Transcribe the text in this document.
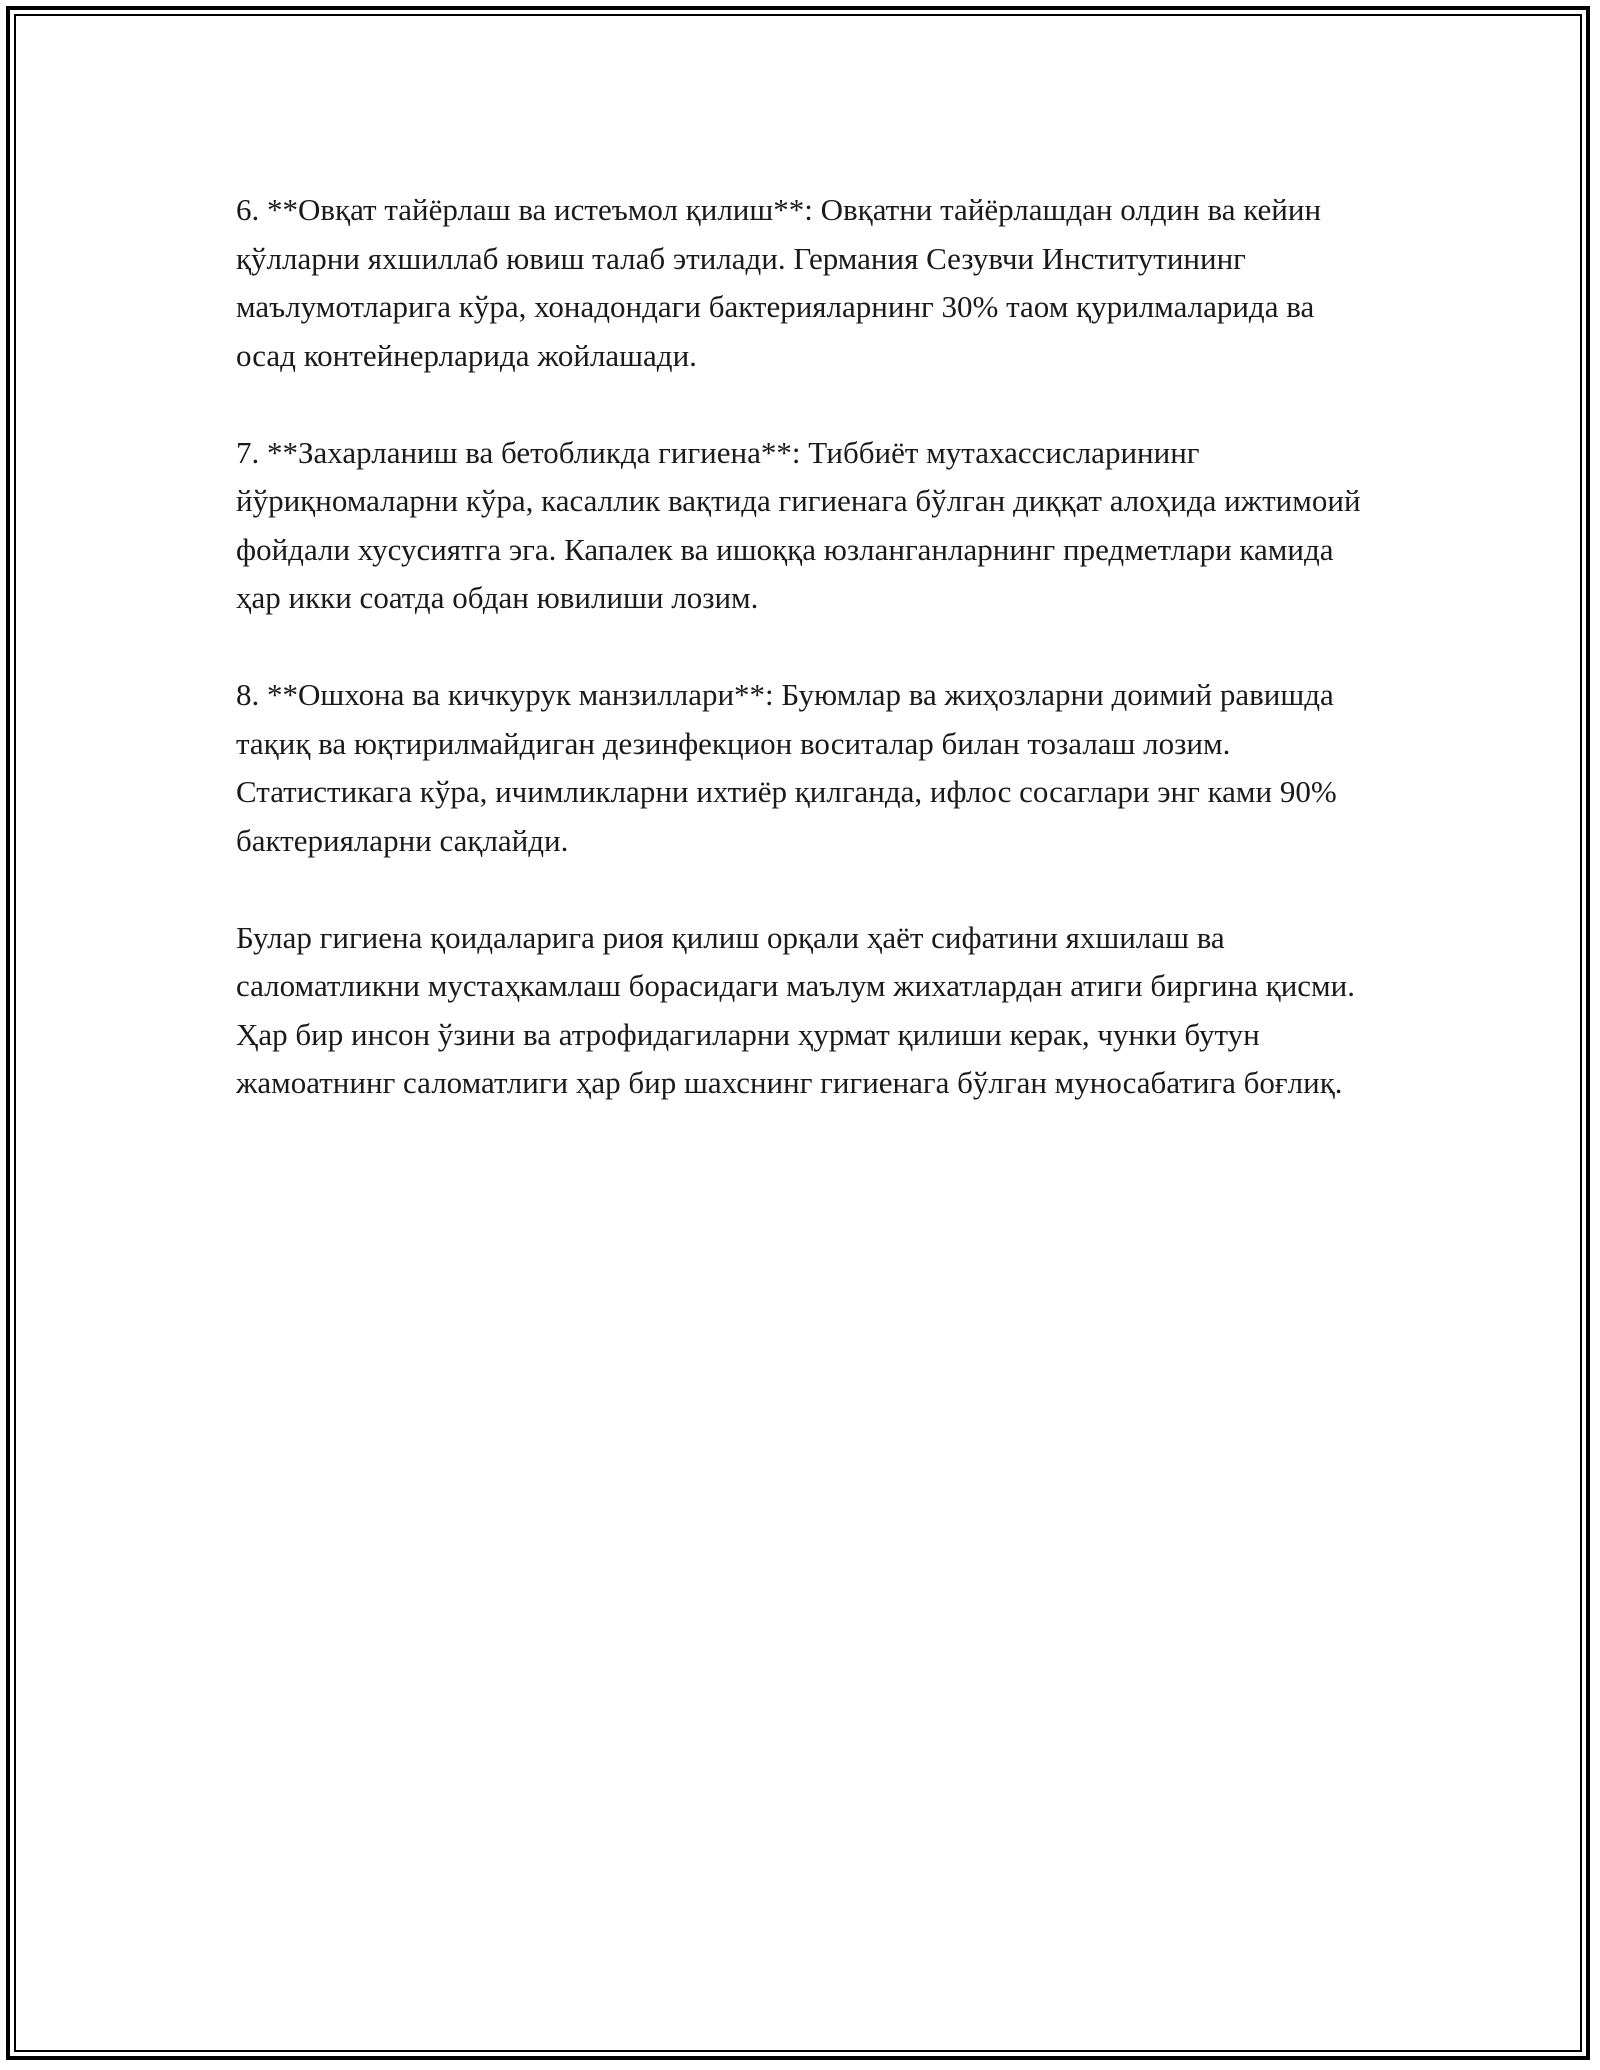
6. **Овқат тайёрлаш ва истеъмол қилиш**: Овқатни тайёрлашдан олдин ва кейин қўлларни яхшиллаб ювиш талаб этилади. Германия Сезувчи Институтининг маълумотларига кўра, хонадондаги бактерияларнинг 30% таом қурилмаларида ва осад контейнерларида жойлашади.

7. **Захарланиш ва бетобликда гигиена**: Тиббиёт мутахассисларининг йўриқномаларни кўра, касаллик вақтида гигиенага бўлган диққат алоҳида ижтимоий фойдали хусусиятга эга. Капалек ва ишоққа юзланганларнинг предметлари камида ҳар икки соатда обдан ювилиши лозим.

8. **Ошхона ва кичкурук манзиллари**: Буюмлар ва жиҳозларни доимий равишда тақиқ ва юқтирилмайдиган дезинфекцион воситалар билан тозалаш лозим. Статистикага кўра, ичимликларни ихтиёр қилганда, ифлос сосаглари энг ками 90% бактерияларни сақлайди.

Булар гигиена қоидаларига риоя қилиш орқали ҳаёт сифатини яхшилаш ва саломатликни мустаҳкамлаш борасидаги маълум жихатлардан атиги биргина қисми. Ҳар бир инсон ўзини ва атрофидагиларни ҳурмат қилиши керак, чунки бутун жамоатнинг саломатлиги ҳар бир шахснинг гигиенага бўлган муносабатига боғлиқ.
